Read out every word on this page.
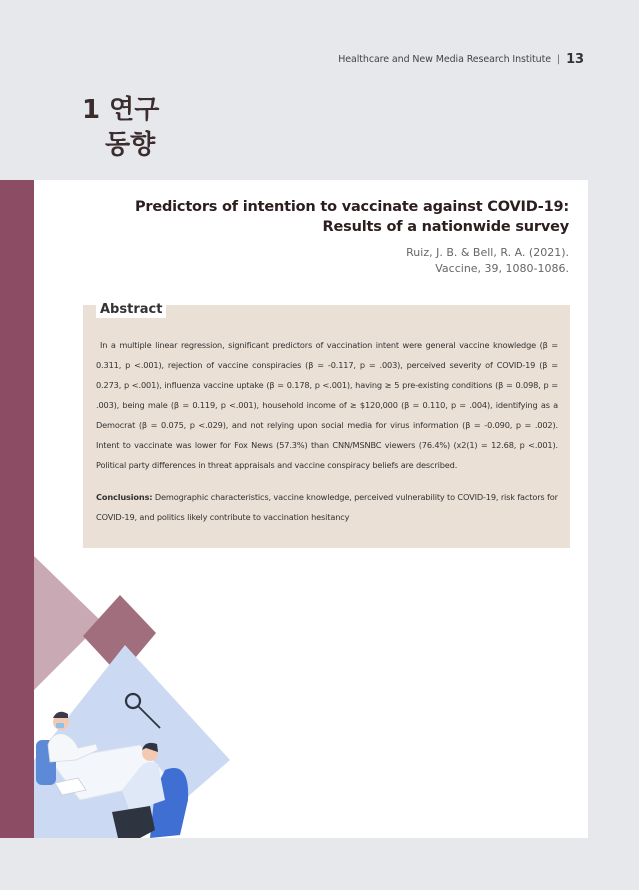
Healthcare and New Media Research Institute | 13
1 연구
동향
Predictors of intention to vaccinate against COVID-19: Results of a nationwide survey
Ruiz, J. B. & Bell, R. A. (2021).
Vaccine, 39, 1080-1086.
Abstract
In a multiple linear regression, significant predictors of vaccination intent were general vaccine knowledge (β = 0.311, p <.001), rejection of vaccine conspiracies (β = -0.117, p = .003), perceived severity of COVID-19 (β = 0.273, p <.001), influenza vaccine uptake (β = 0.178, p <.001), having ≥ 5 pre-existing conditions (β = 0.098, p = .003), being male (β = 0.119, p <.001), household income of ≥ $120,000 (β = 0.110, p = .004), identifying as a Democrat (β = 0.075, p <.029), and not relying upon social media for virus information (β = -0.090, p = .002). Intent to vaccinate was lower for Fox News (57.3%) than CNN/MSNBC viewers (76.4%) (x2(1) = 12.68, p <.001). Political party differences in threat appraisals and vaccine conspiracy beliefs are described.
Conclusions: Demographic characteristics, vaccine knowledge, perceived vulnerability to COVID-19, risk factors for COVID-19, and politics likely contribute to vaccination hesitancy
